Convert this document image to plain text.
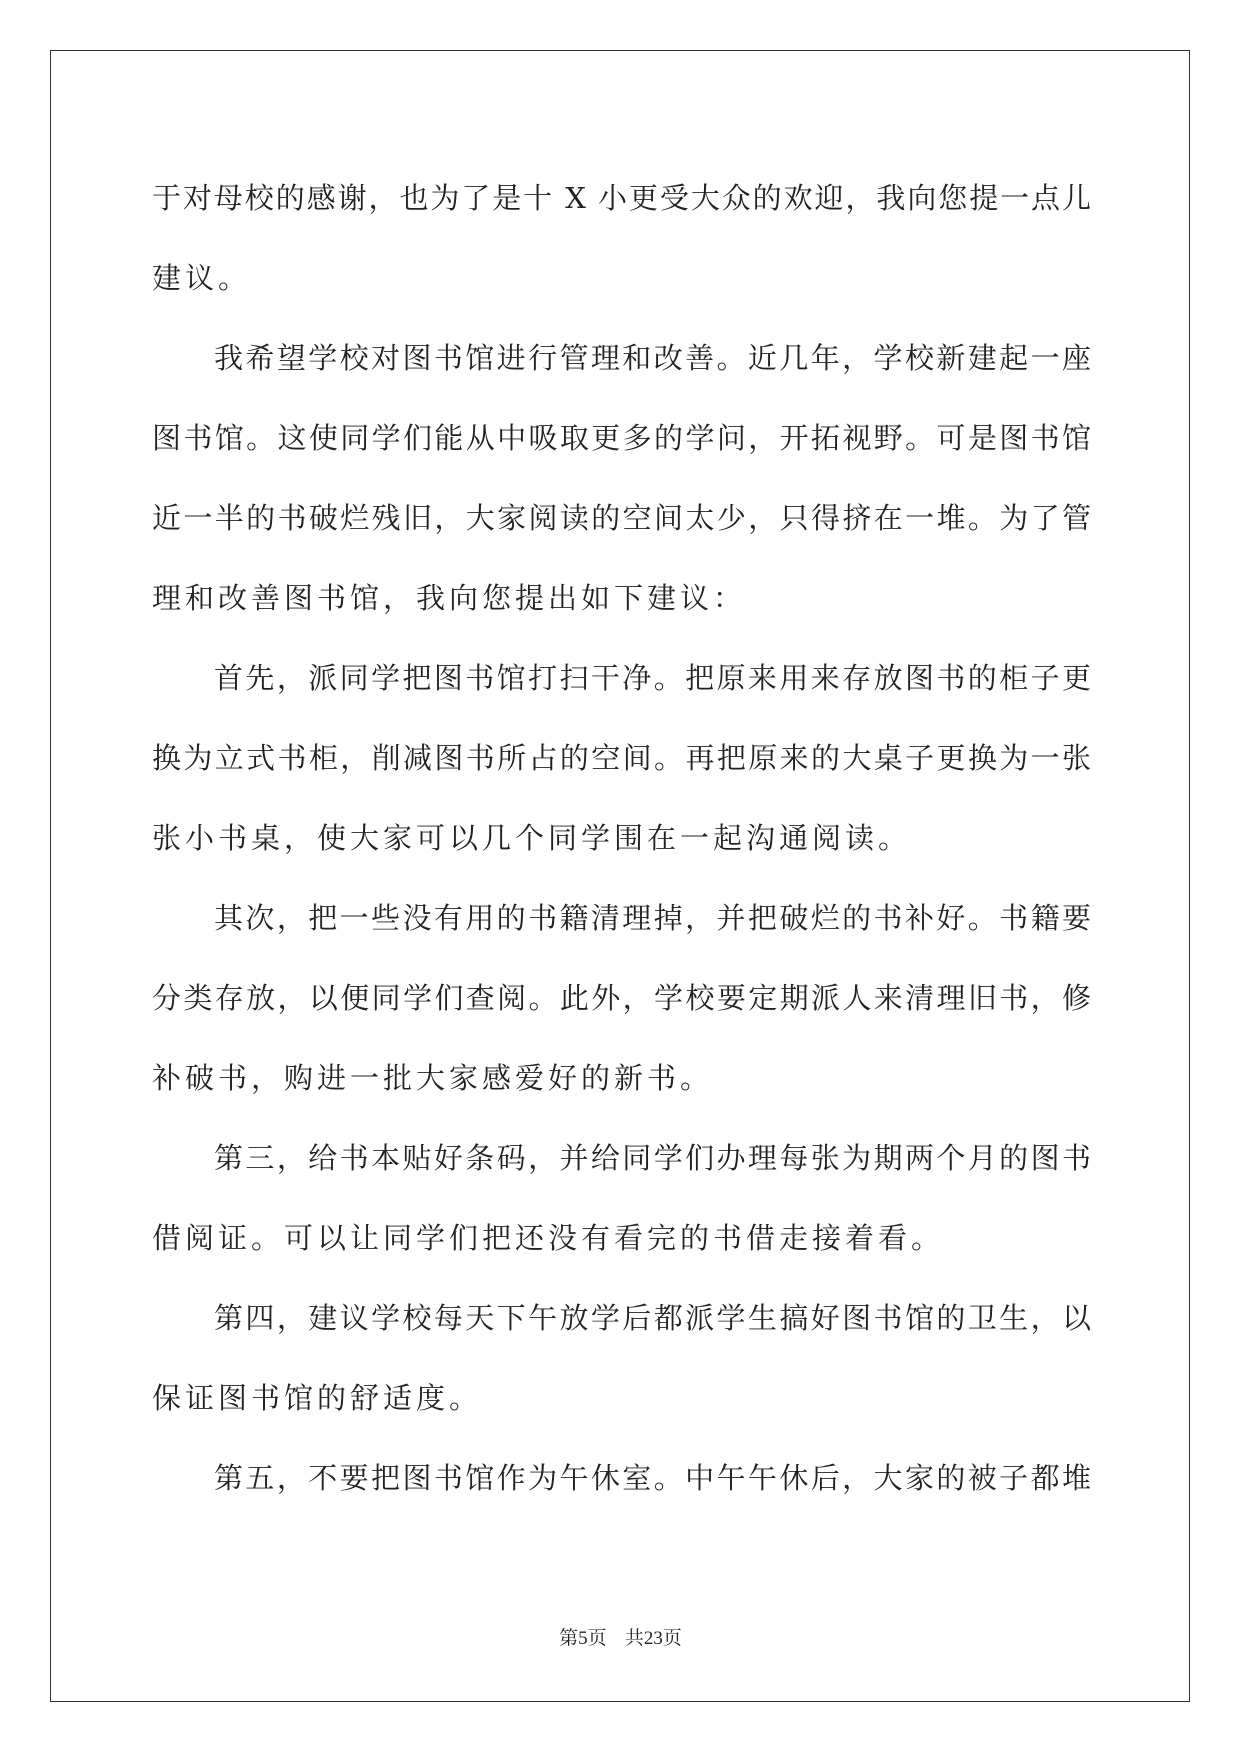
于对母校的感谢，也为了是十 X 小更受大众的欢迎，我向您提一点儿
建议。
我希望学校对图书馆进行管理和改善。近几年，学校新建起一座
图书馆。这使同学们能从中吸取更多的学问，开拓视野。可是图书馆
近一半的书破烂残旧，大家阅读的空间太少，只得挤在一堆。为了管
理和改善图书馆，我向您提出如下建议：
首先，派同学把图书馆打扫干净。把原来用来存放图书的柜子更
换为立式书柜，削减图书所占的空间。再把原来的大桌子更换为一张
张小书桌，使大家可以几个同学围在一起沟通阅读。
其次，把一些没有用的书籍清理掉，并把破烂的书补好。书籍要
分类存放，以便同学们查阅。此外，学校要定期派人来清理旧书，修
补破书，购进一批大家感爱好的新书。
第三，给书本贴好条码，并给同学们办理每张为期两个月的图书
借阅证。可以让同学们把还没有看完的书借走接着看。
第四，建议学校每天下午放学后都派学生搞好图书馆的卫生，以
保证图书馆的舒适度。
第五，不要把图书馆作为午休室。中午午休后，大家的被子都堆
第5页 共23页
